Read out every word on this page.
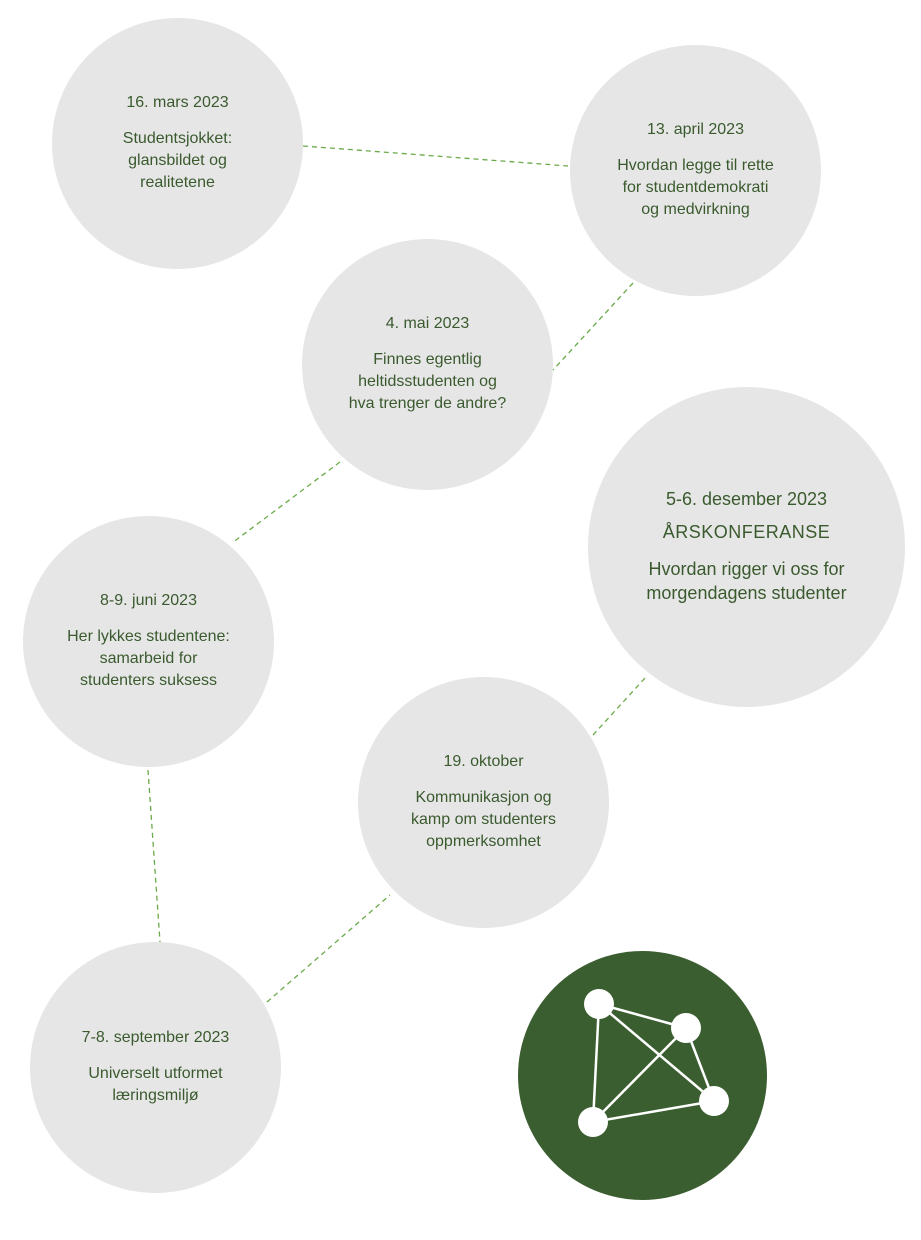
16. mars 2023
Studentsjokket:
glansbildet og
realitetene
13. april 2023
Hvordan legge til rette
for studentdemokrati
og medvirkning
4. mai 2023
Finnes egentlig
heltidsstudenten og
hva trenger de andre?
5-6. desember 2023
ÅRSKONFERANSE
Hvordan rigger vi oss for
morgendagens studenter
8-9. juni 2023
Her lykkes studentene:
samarbeid for
studenters suksess
19. oktober
Kommunikasjon og
kamp om studenters
oppmerksomhet
7-8. september 2023
Universelt utformet
læringsmiljø
